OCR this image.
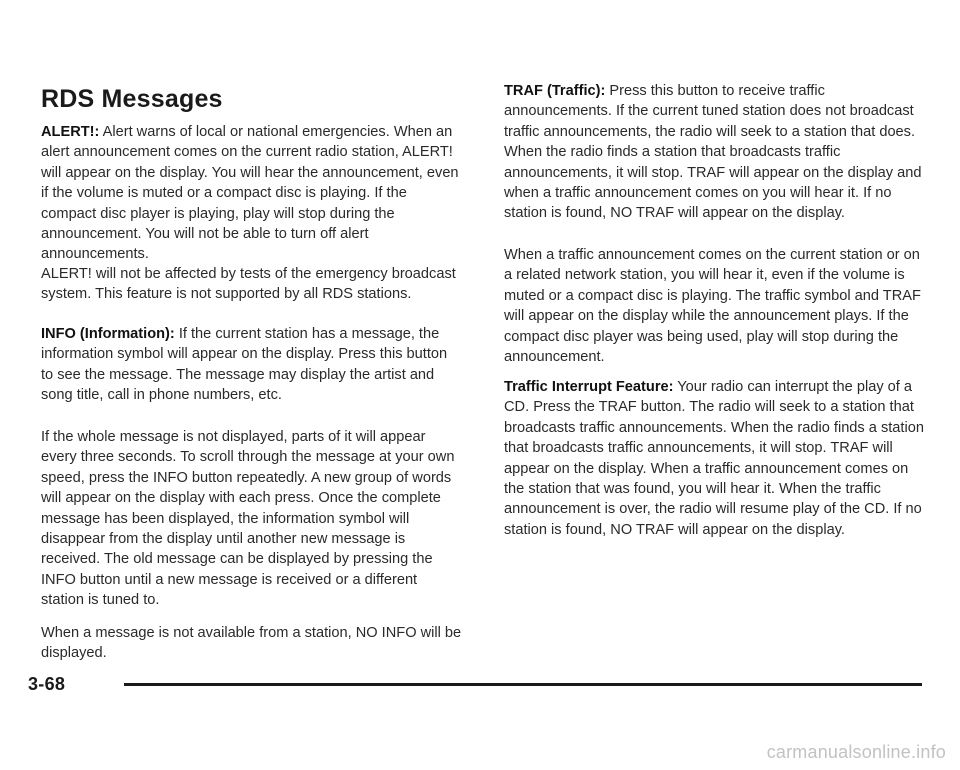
RDS Messages

ALERT!: Alert warns of local or national emergencies. When an alert announcement comes on the current radio station, ALERT! will appear on the display. You will hear the announcement, even if the volume is muted or a compact disc is playing. If the compact disc player is playing, play will stop during the announcement. You will not be able to turn off alert announcements.

ALERT! will not be affected by tests of the emergency broadcast system. This feature is not supported by all RDS stations.

INFO (Information): If the current station has a message, the information symbol will appear on the display. Press this button to see the message. The message may display the artist and song title, call in phone numbers, etc.

If the whole message is not displayed, parts of it will appear every three seconds. To scroll through the message at your own speed, press the INFO button repeatedly. A new group of words will appear on the display with each press. Once the complete message has been displayed, the information symbol will disappear from the display until another new message is received. The old message can be displayed by pressing the INFO button until a new message is received or a different station is tuned to.

When a message is not available from a station, NO INFO will be displayed.

TRAF (Traffic): Press this button to receive traffic announcements. If the current tuned station does not broadcast traffic announcements, the radio will seek to a station that does. When the radio finds a station that broadcasts traffic announcements, it will stop. TRAF will appear on the display and when a traffic announcement comes on you will hear it. If no station is found, NO TRAF will appear on the display.

When a traffic announcement comes on the current station or on a related network station, you will hear it, even if the volume is muted or a compact disc is playing. The traffic symbol and TRAF will appear on the display while the announcement plays. If the compact disc player was being used, play will stop during the announcement.

Traffic Interrupt Feature: Your radio can interrupt the play of a CD. Press the TRAF button. The radio will seek to a station that broadcasts traffic announcements. When the radio finds a station that broadcasts traffic announcements, it will stop. TRAF will appear on the display. When a traffic announcement comes on the station that was found, you will hear it. When the traffic announcement is over, the radio will resume play of the CD. If no station is found, NO TRAF will appear on the display.

3-68
carmanualsonline.info
